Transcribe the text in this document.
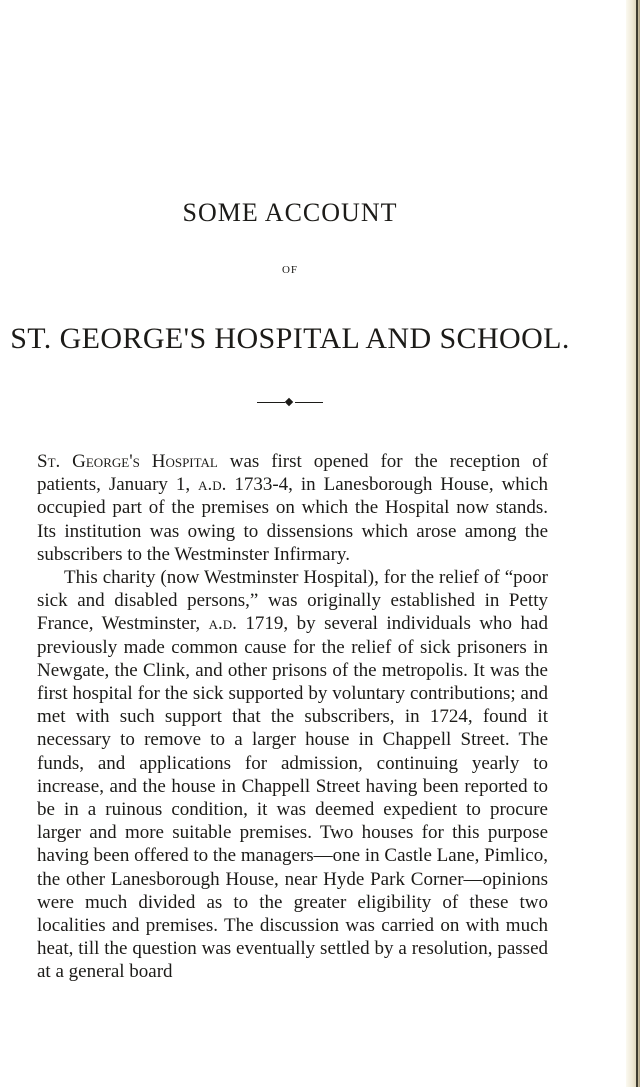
SOME ACCOUNT
OF
ST. GEORGE'S HOSPITAL AND SCHOOL.

St. George's Hospital was first opened for the reception of patients, January 1, a.d. 1733-4, in Lanesborough House, which occupied part of the premises on which the Hospital now stands. Its institution was owing to dissensions which arose among the subscribers to the Westminster Infirmary.

This charity (now Westminster Hospital), for the relief of “poor sick and disabled persons,” was originally established in Petty France, Westminster, a.d. 1719, by several individuals who had previously made common cause for the relief of sick prisoners in Newgate, the Clink, and other prisons of the metropolis. It was the first hospital for the sick supported by voluntary contributions; and met with such support that the subscribers, in 1724, found it necessary to remove to a larger house in Chappell Street. The funds, and applications for admission, continuing yearly to increase, and the house in Chappell Street having been reported to be in a ruinous condition, it was deemed expedient to procure larger and more suitable premises. Two houses for this purpose having been offered to the managers—one in Castle Lane, Pimlico, the other Lanesborough House, near Hyde Park Corner—opinions were much divided as to the greater eligibility of these two localities and premises. The discussion was carried on with much heat, till the question was eventually settled by a resolution, passed at a general board
